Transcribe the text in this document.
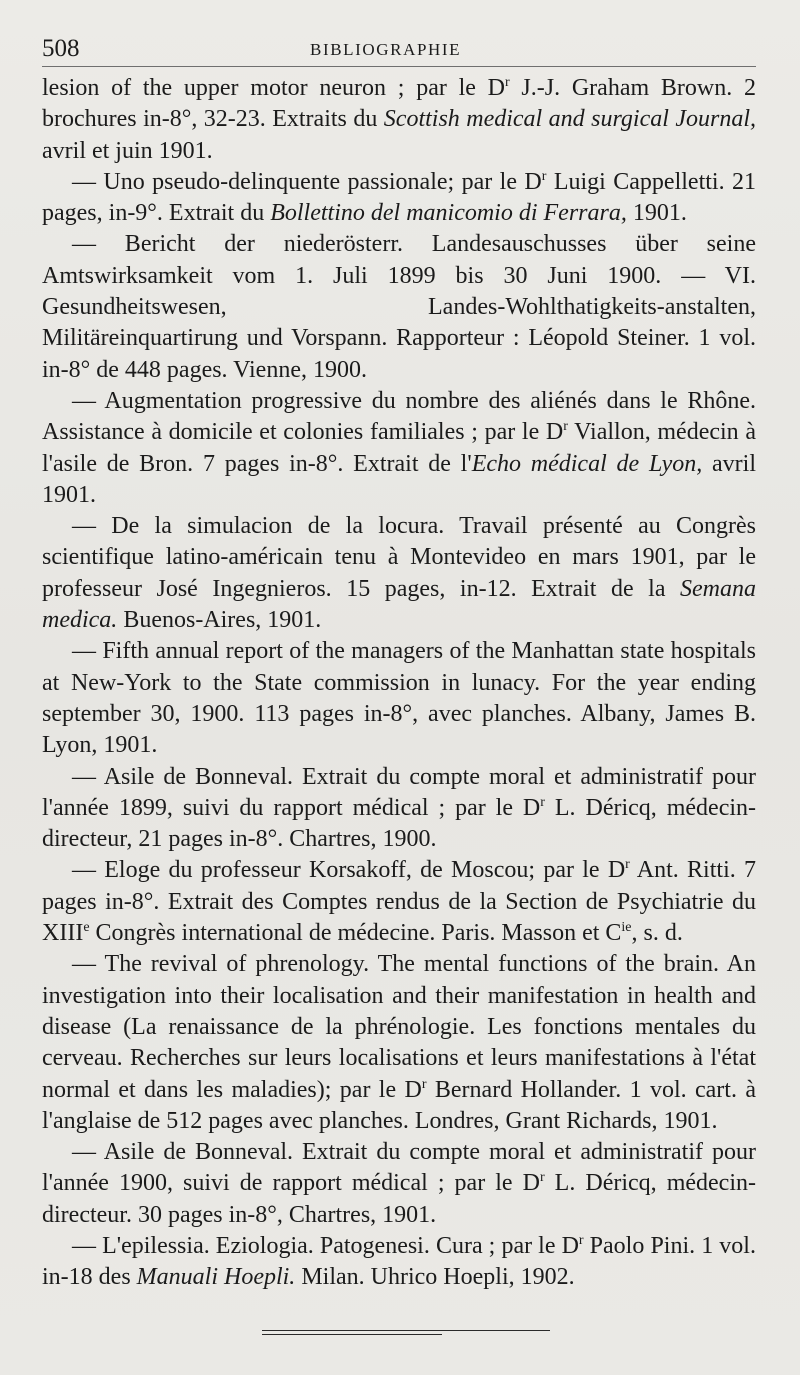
508	BIBLIOGRAPHIE

lesion of the upper motor neuron ; par le $D^r$ J.-J. Graham Brown. 2 brochures in-8°, 32-23. Extraits du Scottish medical and surgical Journal, avril et juin 1901.

— Uno pseudo-delinquente passionale; par le $D^r$ Luigi Cappelletti. 21 pages, in-9°. Extrait du Bollettino del manicomio di Ferrara, 1901.

— Bericht der niederösterr. Landesauschusses über seine Amtswirksamkeit vom 1. Juli 1899 bis 30 Juni 1900. — VI. Gesundheitswesen, Landes-Wohlthatigkeits-anstalten, Militäreinquartirung und Vorspann. Rapporteur : Léopold Steiner. 1 vol. in-8° de 448 pages. Vienne, 1900.

— Augmentation progressive du nombre des aliénés dans le Rhône. Assistance à domicile et colonies familiales ; par le $D^r$ Viallon, médecin à l'asile de Bron. 7 pages in-8°. Extrait de l'Echo médical de Lyon, avril 1901.

— De la simulacion de la locura. Travail présenté au Congrès scientifique latino-américain tenu à Montevideo en mars 1901, par le professeur José Ingegnieros. 15 pages, in-12. Extrait de la Semana medica. Buenos-Aires, 1901.

— Fifth annual report of the managers of the Manhattan state hospitals at New-York to the State commission in lunacy. For the year ending september 30, 1900. 113 pages in-8°, avec planches. Albany, James B. Lyon, 1901.

— Asile de Bonneval. Extrait du compte moral et administratif pour l'année 1899, suivi du rapport médical ; par le $D^r$ L. Déricq, médecin-directeur, 21 pages in-8°. Chartres, 1900.

— Eloge du professeur Korsakoff, de Moscou; par le $D^r$ Ant. Ritti. 7 pages in-8°. Extrait des Comptes rendus de la Section de Psychiatrie du XIIIe Congrès international de médecine. Paris. Masson et $C^{ie}$, s. d.

— The revival of phrenology. The mental functions of the brain. An investigation into their localisation and their manifestation in health and disease (La renaissance de la phrénologie. Les fonctions mentales du cerveau. Recherches sur leurs localisations et leurs manifestations à l'état normal et dans les maladies); par le $D^r$ Bernard Hollander. 1 vol. cart. à l'anglaise de 512 pages avec planches. Londres, Grant Richards, 1901.

— Asile de Bonneval. Extrait du compte moral et administratif pour l'année 1900, suivi de rapport médical ; par le $D^r$ L. Déricq, médecin-directeur. 30 pages in-8°, Chartres, 1901.

— L'epilessia. Eziologia. Patogenesi. Cura ; par le $D^r$ Paolo Pini. 1 vol. in-18 des Manuali Hoepli. Milan. Uhrico Hoepli, 1902.
